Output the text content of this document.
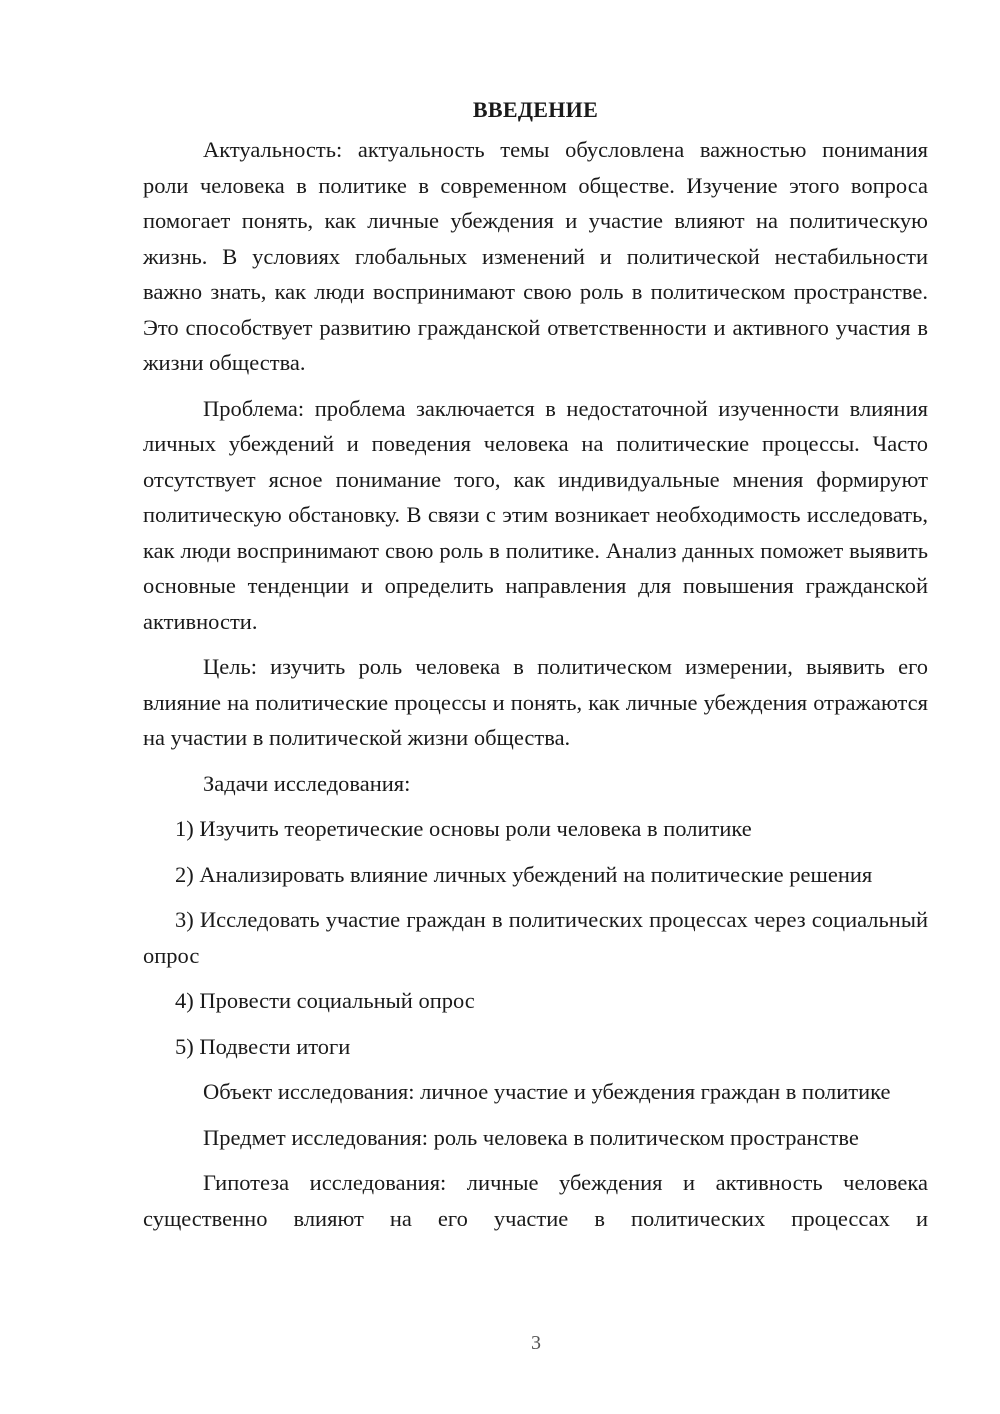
ВВЕДЕНИЕ

Актуальность: актуальность темы обусловлена важностью понимания роли человека в политике в современном обществе. Изучение этого вопроса помогает понять, как личные убеждения и участие влияют на политическую жизнь. В условиях глобальных изменений и политической нестабильности важно знать, как люди воспринимают свою роль в политическом пространстве. Это способствует развитию гражданской ответственности и активного участия в жизни общества.

Проблема: проблема заключается в недостаточной изученности влияния личных убеждений и поведения человека на политические процессы. Часто отсутствует ясное понимание того, как индивидуальные мнения формируют политическую обстановку. В связи с этим возникает необходимость исследовать, как люди воспринимают свою роль в политике. Анализ данных поможет выявить основные тенденции и определить направления для повышения гражданской активности.

Цель: изучить роль человека в политическом измерении, выявить его влияние на политические процессы и понять, как личные убеждения отражаются на участии в политической жизни общества.

Задачи исследования:

1) Изучить теоретические основы роли человека в политике

2) Анализировать влияние личных убеждений на политические решения

3) Исследовать участие граждан в политических процессах через социальный опрос

4) Провести социальный опрос

5) Подвести итоги

Объект исследования: личное участие и убеждения граждан в политике

Предмет исследования: роль человека в политическом пространстве

Гипотеза исследования: личные убеждения и активность человека существенно влияют на его участие в политических процессах и

3
